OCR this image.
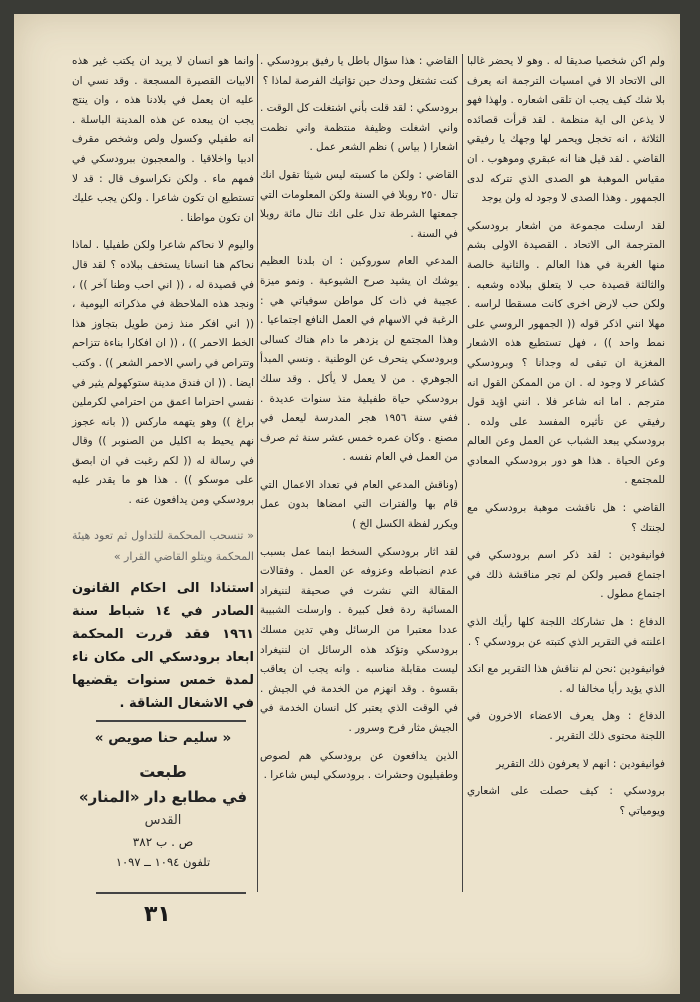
ولم اكن شخصيا صديقا له . وهو لا يحضر غالبا الى الاتحاد الا في امسيات الترجمة انه يعرف بلا شك كيف يجب ان تلقى اشعاره . ولهذا فهو لا يذعن الى اية منظمة . لقد قرأت قصائده الثلاثة ، انه تخجل ويحمر لها وجهك يا رفيقي القاضي . لقد قيل هنا انه عبقري وموهوب . ان مقياس الموهبة هو الصدى الذي تتركه لدى الجمهور . وهذا الصدى لا وجود له ولن يوجد

لقد ارسلت مجموعة من اشعار برودسكي المترجمة الى الاتحاد . القصيدة الاولى بشم منها الغربة في هذا العالم . والثانية خالصة والثالثة قصيدة حب لا يتعلق ببلاده وشعبه . ولكن حب لارض اخرى كانت مسقطا لراسه . مهلا انني اذكر قوله (( الجمهور الروسي على نمط واحد )) ، فهل تستطيع هذه الاشعار المغزية ان تبقى له وجدانا ؟ وبرودسكي كشاعر لا وجود له . ان من الممكن القول انه مترجم . اما انه شاعر فلا . انني اؤيد قول رفيقي عن تأثيره المفسد على ولده . برودسكي يبعد الشباب عن العمل وعن العالم وعن الحياة . هذا هو دور برودسكي المعادي للمجتمع .

القاضي : هل ناقشت موهبة برودسكي مع لجنتك ؟

فوانيفودين : لقد ذكر اسم برودسكي في اجتماع قصير ولكن لم تجر مناقشة ذلك في اجتماع مطول .

الدفاع : هل تشاركك اللجنة كلها رأيك الذي اعلنته في التقرير الذي كتبته عن برودسكي ؟ .

فوانيفودين :نحن لم نناقش هذا التقرير مع انكد الذي يؤيد رأيا مخالفا له .

الدفاع : وهل يعرف الاعضاء الاخرون في اللجنة محتوى ذلك التقرير .

فوانيفودين : انهم لا يعرفون ذلك التقرير

برودسكي : كيف حصلت على اشعاري ويومياتي ؟

القاضي : هذا سؤال باطل يا رفيق برودسكي . كنت تشتغل وحدك حين تؤاتيك الفرصة لماذا ؟

برودسكي : لقد قلت بأني اشتغلت كل الوقت . واني اشغلت وظيفة منتظمة واني نظمت اشعارا ( بياس ) نظم الشعر عمل .

القاضي : ولكن ما كسبته ليس شيئا تقول انك تنال ٢٥٠ روبلا في السنة ولكن المعلومات التي جمعتها الشرطة تدل على انك تنال مائة روبلا في السنة .

المدعي العام سوروكين : ان بلدنا العظيم يوشك ان يشيد صرح الشيوعية . ونمو ميزة عجيبة في ذات كل مواطن سوفياتي هي : الرغبة في الاسهام في العمل النافع اجتماعيا . وهذا المجتمع لن يزدهر ما دام هناك كسالى وبرودسكي ينحرف عن الوطنية . ونسي المبدأ الجوهري . من لا يعمل لا يأكل . وقد سلك برودسكي حياة طفيلية منذ سنوات عديدة . ففي سنة ١٩٥٦ هجر المدرسة ليعمل في مصنع . وكان عمره خمس عشر سنة ثم صرف من العمل في العام نفسه .

(وناقش المدعي العام في تعداد الاعمال التي قام بها والفترات التي امضاها بدون عمل ويكرر لفظة الكسل الخ )

لقد اثار برودسكي السخط ابنما عمل بسبب عدم انضباطه وعزوفه عن العمل . وفقالات المقالة التي نشرت في صحيفة لننيغراد المسائية ردة فعل كبيرة . وارسلت الشبيبة عددا معتبرا من الرسائل وهي تدين مسلك برودسكي وتؤكد هذه الرسائل ان لننيغراد ليست مقابلة مناسبه . وانه يجب ان يعاقب بقسوة . وقد انهزم من الخدمة في الجيش . في الوقت الذي يعتبر كل انسان الخدمة في الجيش مثار فرح وسرور .

الذين يدافعون عن برودسكي هم لصوص وطفيليون وحشرات . برودسكي ليس شاعرا .

وانما هو انسان لا يريد ان يكتب غير هذه الابيات القصيرة المسجعة . وقد نسي ان عليه ان يعمل في بلادنا هذه ، وان ينتج يجب ان يبعده عن هذه المدينة الباسلة . انه طفيلي وكسول ولص وشخص مقرف ادبيا واخلاقيا . والمعجبون ببرودسكي في فمهم ماء . ولكن نكراسوف قال : قد لا تستطيع ان تكون شاعرا . ولكن يجب عليك ان تكون مواطنا .

واليوم لا نحاكم شاعرا ولكن طفيليا . لماذا نحاكم هنا انسانا يستخف ببلاده ؟ لقد قال في قصيدة له ، (( اني احب وطنا آخر )) ، ونجد هذه الملاحظة في مذكراته اليومية ، (( اني افكر منذ زمن طويل بتجاوز هذا الخط الاحمر )) ، (( ان افكارا بناءة تتزاحم وتتراص في راسي الاحمر الشعر )) . وكتب ايضا . (( ان فندق مدينة ستوكهولم يثير في نفسي احتراما اعمق من احترامي لكرملين براغ )) وهو يتهمه ماركس (( بانه عجوز نهم يحيط به اكليل من الصنوبر )) وقال في رسالة له (( لكم رغبت في ان ابصق على موسكو )) . هذا هو ما يقدر عليه برودسكي ومن يدافعون عنه .

« تنسحب المحكمة للتداول ثم تعود هيئة المحكمة ويتلو القاضي القرار »
استنادا الى احكام القانون الصادر في ١٤ شباط سنة ١٩٦١ فقد قررت المحكمة ابعاد برودسكي الى مكان ناء لمدة خمس سنوات يقضيها في الاشغال الشاقة .
« سليم حنا صويص »
طبعت
في مطابع دار «المنار»
القدس
ص . ب ٣٨٢
تلفون ١٠٩٤ ــ ١٠٩٧
٣١
